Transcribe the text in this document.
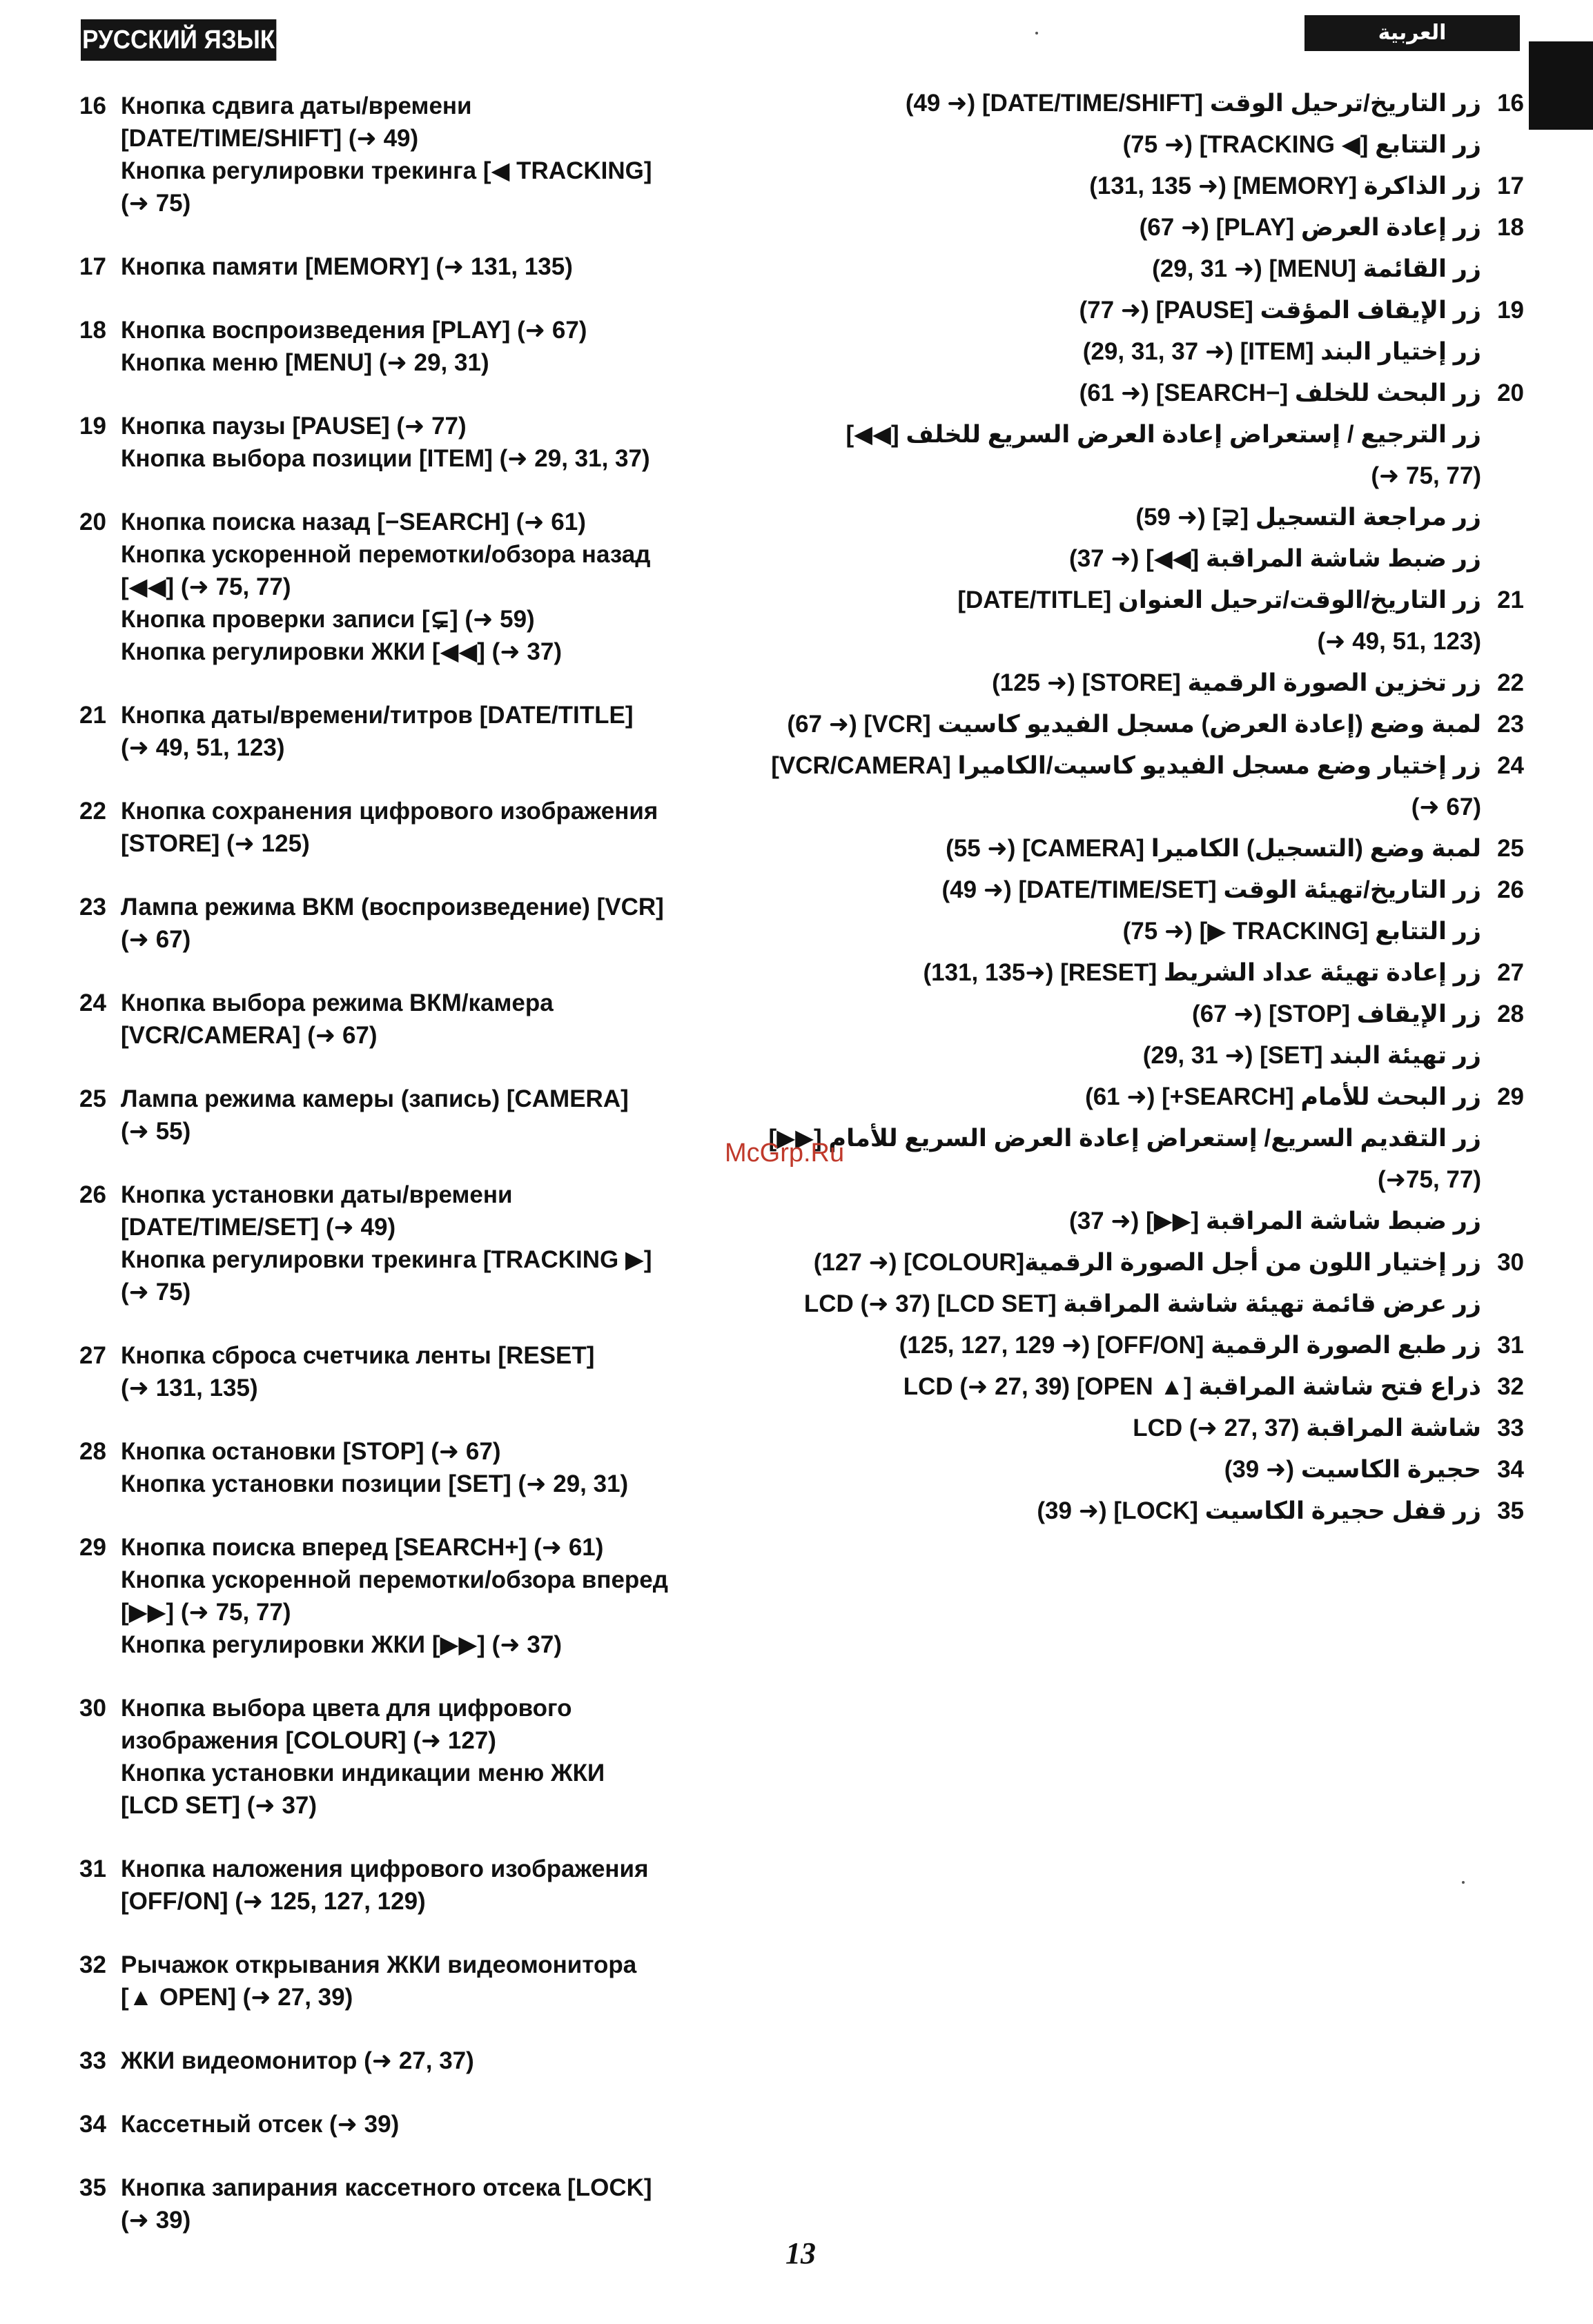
РУССКИЙ ЯЗЫК	العربية
16 Кнопка сдвига даты/времени
[DATE/TIME/SHIFT] (➜ 49)
Кнопка регулировки трекинга [◀ TRACKING]
(➜ 75)
17 Кнопка памяти [MEMORY] (➜ 131, 135)
18 Кнопка воспроизведения [PLAY] (➜ 67)
Кнопка меню [MENU] (➜ 29, 31)
19 Кнопка паузы [PAUSE] (➜ 77)
Кнопка выбора позиции [ITEM] (➜ 29, 31, 37)
20 Кнопка поиска назад [−SEARCH] (➜ 61)
Кнопка ускоренной перемотки/обзора назад
[◀◀] (➜ 75, 77)
Кнопка проверки записи [⊊] (➜ 59)
Кнопка регулировки ЖКИ [◀◀] (➜ 37)
21 Кнопка даты/времени/титров [DATE/TITLE]
(➜ 49, 51, 123)
22 Кнопка сохранения цифрового изображения
[STORE] (➜ 125)
23 Лампа режима ВКМ (воспроизведение) [VCR]
(➜ 67)
24 Кнопка выбора режима ВКМ/камера
[VCR/CAMERA] (➜ 67)
25 Лампа режима камеры (запись) [CAMERA]
(➜ 55)
26 Кнопка установки даты/времени
[DATE/TIME/SET] (➜ 49)
Кнопка регулировки трекинга [TRACKING ▶]
(➜ 75)
27 Кнопка сброса счетчика ленты [RESET]
(➜ 131, 135)
28 Кнопка остановки [STOP] (➜ 67)
Кнопка установки позиции [SET] (➜ 29, 31)
29 Кнопка поиска вперед [SEARCH+] (➜ 61)
Кнопка ускоренной перемотки/обзора вперед
[▶▶] (➜ 75, 77)
Кнопка регулировки ЖКИ [▶▶] (➜ 37)
30 Кнопка выбора цвета для цифрового
изображения [COLOUR] (➜ 127)
Кнопка установки индикации меню ЖКИ
[LCD SET] (➜ 37)
31 Кнопка наложения цифрового изображения
[OFF/ON] (➜ 125, 127, 129)
32 Рычажок открывания ЖКИ видеомонитора
[▲ OPEN] (➜ 27, 39)
33 ЖКИ видеомонитор (➜ 27, 37)
34 Кассетный отсек (➜ 39)
35 Кнопка запирания кассетного отсека [LOCK]
(➜ 39)
16
زر التاريخ/ترحيل الوقت [DATE/TIME/SHIFT] (➜ 49)
زر التتابع [◀ TRACKING] (➜ 75)
17
زر الذاكرة [MEMORY] (➜ 131, 135)
18
زر إعادة العرض [PLAY] (➜ 67)
زر القائمة [MENU] (➜ 29, 31)
19
زر الإيقاف المؤقت [PAUSE] (➜ 77)
زر إختيار البند [ITEM] (➜ 29, 31, 37)
20
زر البحث للخلف [−SEARCH] (➜ 61)
زر الترجيع / إستعراض إعادة العرض السريع للخلف [◀◀]
(➜ 75, 77)
زر مراجعة التسجيل [⊊] (➜ 59)
زر ضبط شاشة المراقبة [◀◀] (➜ 37)
21
زر التاريخ/الوقت/ترحيل العنوان [DATE/TITLE]
(➜ 49, 51, 123)
22
زر تخزين الصورة الرقمية [STORE] (➜ 125)
23
لمبة وضع (إعادة العرض) مسجل الفيديو كاسيت [VCR] (➜ 67)
24
زر إختيار وضع مسجل الفيديو كاسيت/الكاميرا [VCR/CAMERA]
(➜ 67)
25
لمبة وضع (التسجيل) الكاميرا [CAMERA] (➜ 55)
26
زر التاريخ/تهيئة الوقت [DATE/TIME/SET] (➜ 49)
زر التتابع [TRACKING ▶] (➜ 75)
27
زر إعادة تهيئة عداد الشريط [RESET] (➜131, 135)
28
زر الإيقاف [STOP] (➜ 67)
زر تهيئة البند [SET] (➜ 29, 31)
29
زر البحث للأمام [SEARCH+] (➜ 61)
زر التقديم السريع/ إستعراض إعادة العرض السريع للأمام [▶▶]
(➜75, 77)
زر ضبط شاشة المراقبة [▶▶] (➜ 37)
30
زر إختيار اللون من أجل الصورة الرقمية[COLOUR] (➜ 127)
زر عرض قائمة تهيئة شاشة المراقبة [LCD SET] LCD (➜ 37)
31
زر طبع الصورة الرقمية [OFF/ON] (➜ 125, 127, 129)
32
ذراع فتح شاشة المراقبة [▲ OPEN] LCD (➜ 27, 39)
33
شاشة المراقبة LCD (➜ 27, 37)
34
حجيرة الكاسيت (➜ 39)
35
زر قفل حجيرة الكاسيت [LOCK] (➜ 39)
McGrp.Ru
13
